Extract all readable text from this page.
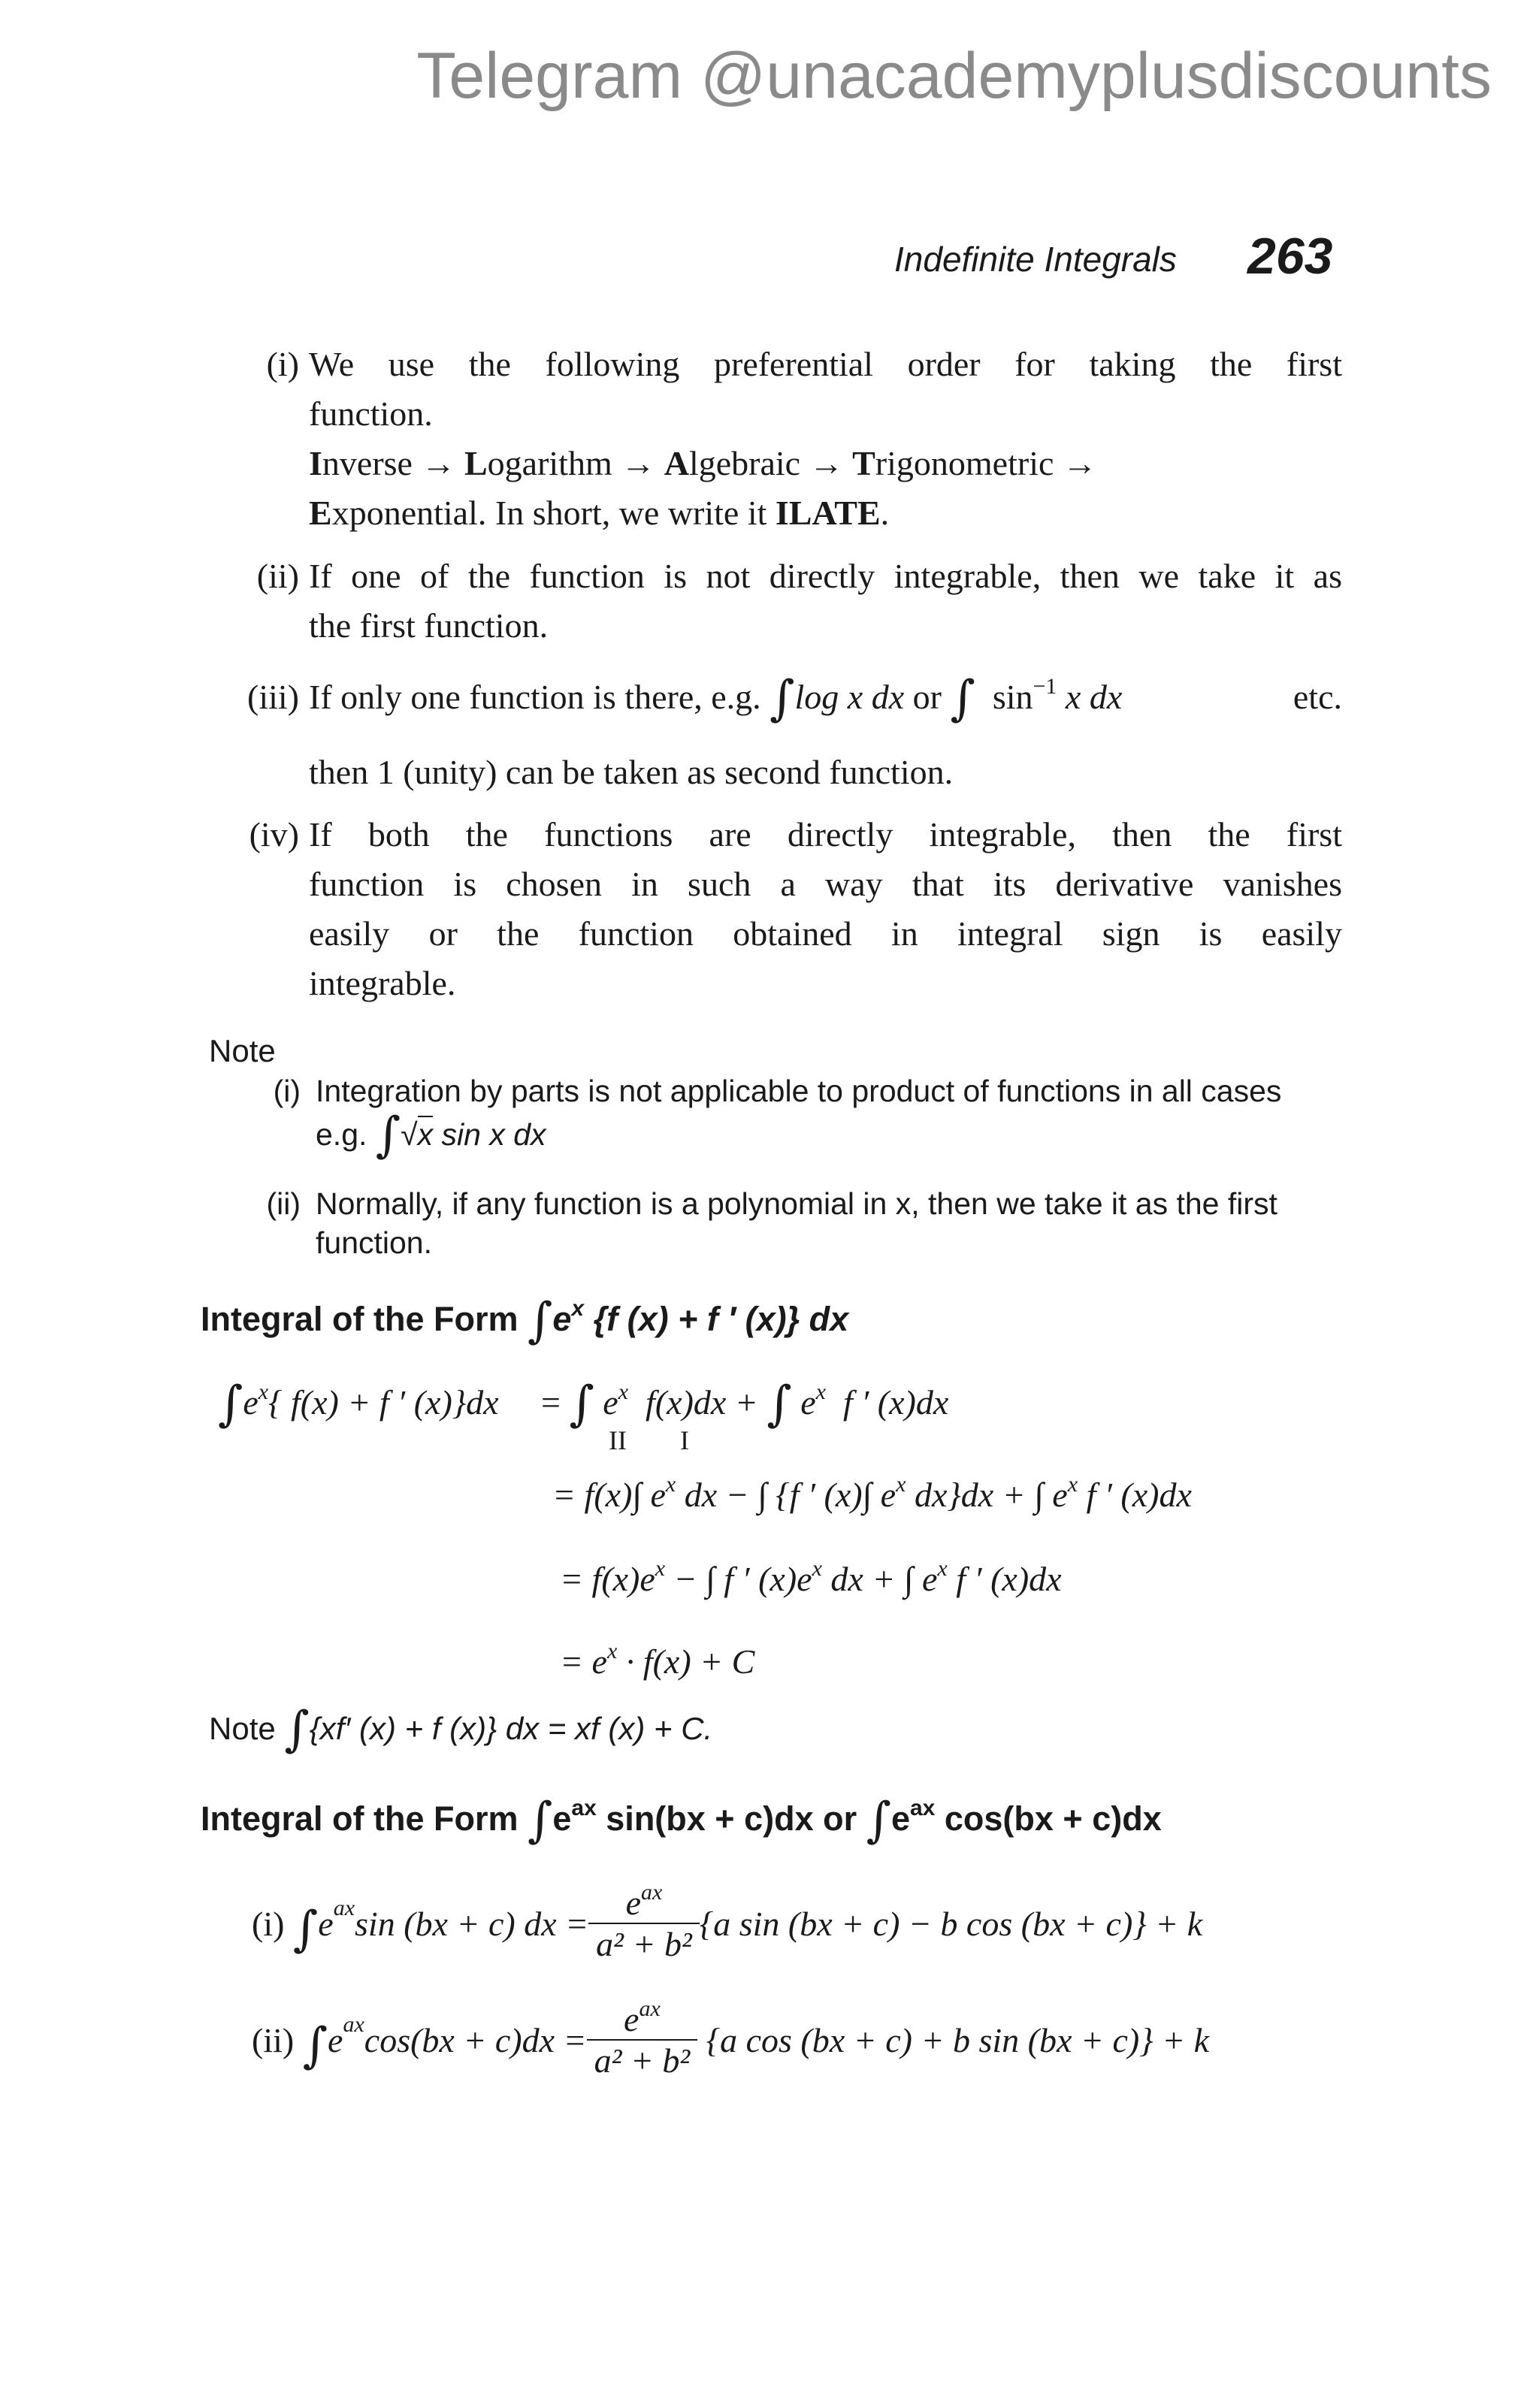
Telegram @unacademyplusdiscounts
Indefinite Integrals 263
(i) We use the following preferential order for taking the first
function.
Inverse → Logarithm → Algebraic → Trigonometric →
Exponential. In short, we write it ILATE.
(ii) If one of the function is not directly integrable, then we take it as
the first function.
(iii) If only one function is there, e.g. ∫log x dx or ∫ $\sin^{-1} x$ dx	etc.
then 1 (unity) can be taken as second function.
(iv) If both the functions are directly integrable, then the first
function is chosen in such a way that its derivative vanishes
easily or the function obtained in integral sign is easily
integrable.
Note
(i) Integration by parts is not applicable to product of functions in all cases
e.g. ∫√x sin x dx
(ii) Normally, if any function is a polynomial in x, then we take it as the first
function.
Integral of the Form $\int e^x$ {f (x) + f ′ (x)} dx
$\int e^x${ f(x) + f ′ (x)}dx = ∫ $e^x$  f(x)dx + ∫ $e^x$  f ′ (x)dx
II I
= f(x)∫ $e^x$ dx − ∫ {f ′ (x)∫ $e^x$ dx}dx + ∫ $e^x$ f ′ (x)dx
= $f(x)e^x$ − ∫ f ′ $(x)e^x$ dx + ∫ $e^x$ f ′ (x)dx
= $e^x \cdot f(x) + C$
Note ∫{xf′ (x) + f (x)} dx = xf (x) + C.
Integral of the Form $\int e^{ax}$ sin(bx + c)dx or $\int e^{ax}$ cos(bx + c)dx
(i)
∫ e ax sin (bx + c) dx = $\frac{e^{ax}}{\text{a² + b²}} \{a$ sin (bx + c) − b cos (bx + c)} + k
(ii)
∫ e ax $\cos(bx + c)dx = \frac{e^{ax}}{\text{a² + b²}}$
{a cos (bx + c) + b sin (bx + c)} + k
